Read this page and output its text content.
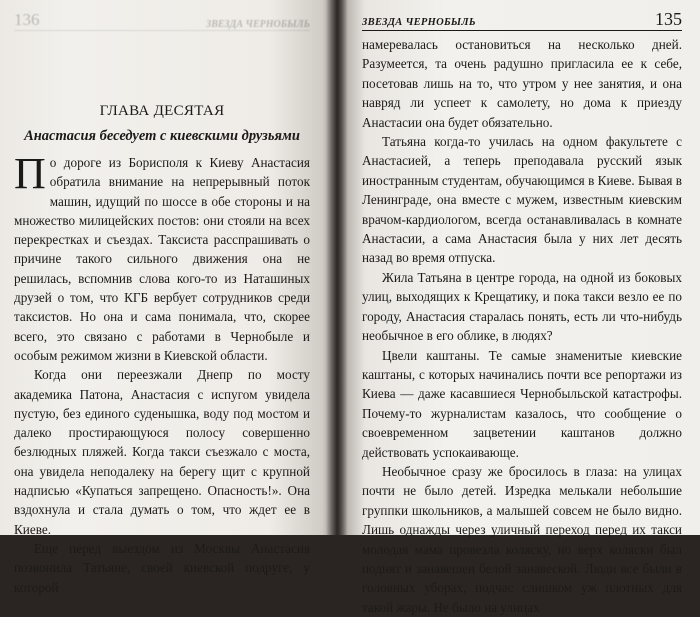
136	ЗВЕЗДА ЧЕРНОБЫЛЬ
ГЛАВА ДЕСЯТАЯ
Анастасия беседует с киевскими друзьями

По дороге из Борисполя к Киеву Анастасия обратила внимание на непрерывный поток машин, идущий по шоссе в обе стороны и на множество милицейских постов: они стояли на всех перекрестках и съездах. Таксиста расспрашивать о причине такого сильного движения она не решилась, вспомнив слова кого-то из Наташиных друзей о том, что КГБ вербует сотрудников среди таксистов. Но она и сама понимала, что, скорее всего, это связано с работами в Чернобыле и особым режимом жизни в Киевской области.

Когда они переезжали Днепр по мосту академика Патона, Анастасия с испугом увидела пустую, без единого суденышка, воду под мостом и далеко простирающуюся полосу совершенно безлюдных пляжей. Когда такси съезжало с моста, она увидела неподалеку на берегу щит с крупной надписью «Купаться запрещено. Опасность!». Она вздохнула и стала думать о том, что ждет ее в Киеве.

Еще перед выездом из Москвы Анастасия позвонила Татьяне, своей киевской подруге, у которой

ЗВЕЗДА ЧЕРНОБЫЛЬ	135

намеревалась остановиться на несколько дней. Разумеется, та очень радушно пригласила ее к себе, посетовав лишь на то, что утром у нее занятия, и она навряд ли успеет к самолету, но дома к приезду Анастасии она будет обязательно.

Татьяна когда-то училась на одном факультете с Анастасией, а теперь преподавала русский язык иностранным студентам, обучающимся в Киеве. Бывая в Ленинграде, она вместе с мужем, известным киевским врачом-кардиологом, всегда останавливалась в комнате Анастасии, а сама Анастасия была у них лет десять назад во время отпуска.

Жила Татьяна в центре города, на одной из боковых улиц, выходящих к Крещатику, и пока такси везло ее по городу, Анастасия старалась понять, есть ли что-нибудь необычное в его облике, в людях?

Цвели каштаны. Те самые знаменитые киевские каштаны, с которых начинались почти все репортажи из Киева — даже касавшиеся Чернобыльской катастрофы. Почему-то журналистам казалось, что сообщение о своевременном зацветении каштанов должно действовать успокаивающе.

Необычное сразу же бросилось в глаза: на улицах почти не было детей. Изредка мелькали небольшие группки школьников, а малышей совсем не было видно. Лишь однажды через уличный переход перед их такси молодая мама провезла коляску, но верх коляски был поднят и занавешен белой занавеской. Люди все были в головных уборах, подчас слишком уж плотных для такой жары. Не было на улицах
